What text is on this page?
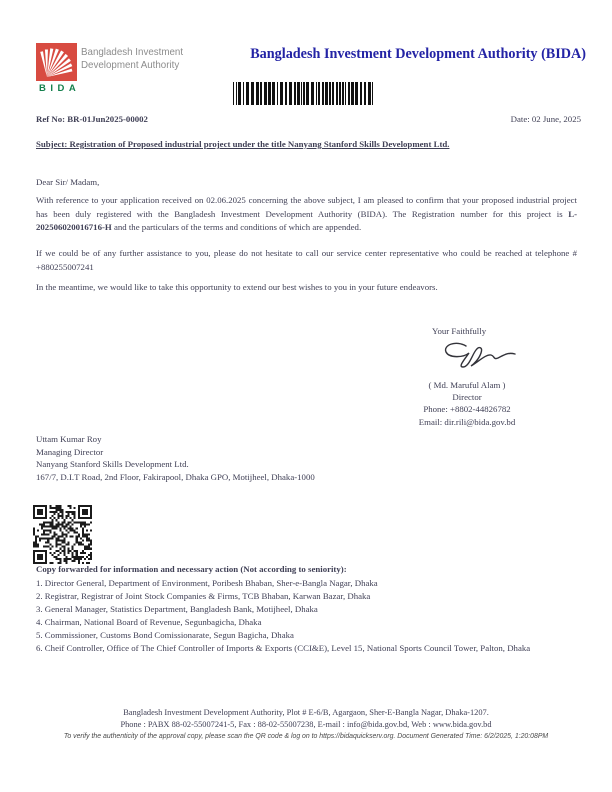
BIDA
Bangladesh Investment
Development Authority
Bangladesh Investment Development Authority (BIDA)
Ref No: BR-01Jun2025-00002	Date: 02 June, 2025
Subject: Registration of Proposed industrial project under the title Nanyang Stanford Skills Development Ltd.
Dear Sir/ Madam,

With reference to your application received on 02.06.2025 concerning the above subject, I am pleased to confirm that your proposed industrial project has been duly registered with the Bangladesh Investment Development Authority (BIDA). The Registration number for this project is L-202506020016716-H and the particulars of the terms and conditions of which are appended.

If we could be of any further assistance to you, please do not hesitate to call our service center representative who could be reached at telephone # +880255007241

In the meantime, we would like to take this opportunity to extend our best wishes to you in your future endeavors.

Your Faithfully
( Md. Maruful Alam )
Director
Phone: +8802-44826782
Email: dir.rili@bida.gov.bd
Uttam Kumar Roy
Managing Director
Nanyang Stanford Skills Development Ltd.
167/7, D.I.T Road, 2nd Floor, Fakirapool, Dhaka GPO, Motijheel, Dhaka-1000
Copy forwarded for information and necessary action (Not according to seniority):
1. Director General, Department of Environment, Poribesh Bhaban, Sher-e-Bangla Nagar, Dhaka
2. Registrar, Registrar of Joint Stock Companies & Firms, TCB Bhaban, Karwan Bazar, Dhaka
3. General Manager, Statistics Department, Bangladesh Bank, Motijheel, Dhaka
4. Chairman, National Board of Revenue, Segunbagicha, Dhaka
5. Commissioner, Customs Bond Comissionarate, Segun Bagicha, Dhaka
6. Cheif Controller, Office of The Chief Controller of Imports & Exports (CCI&E), Level 15, National Sports Council Tower, Palton, Dhaka
Bangladesh Investment Development Authority, Plot # E-6/B, Agargaon, Sher-E-Bangla Nagar, Dhaka-1207.
Phone : PABX 88-02-55007241-5, Fax : 88-02-55007238, E-mail : info@bida.gov.bd, Web : www.bida.gov.bd
To verify the authenticity of the approval copy, please scan the QR code & log on to https://bidaquickserv.org. Document Generated Time: 6/2/2025, 1:20:08PM
